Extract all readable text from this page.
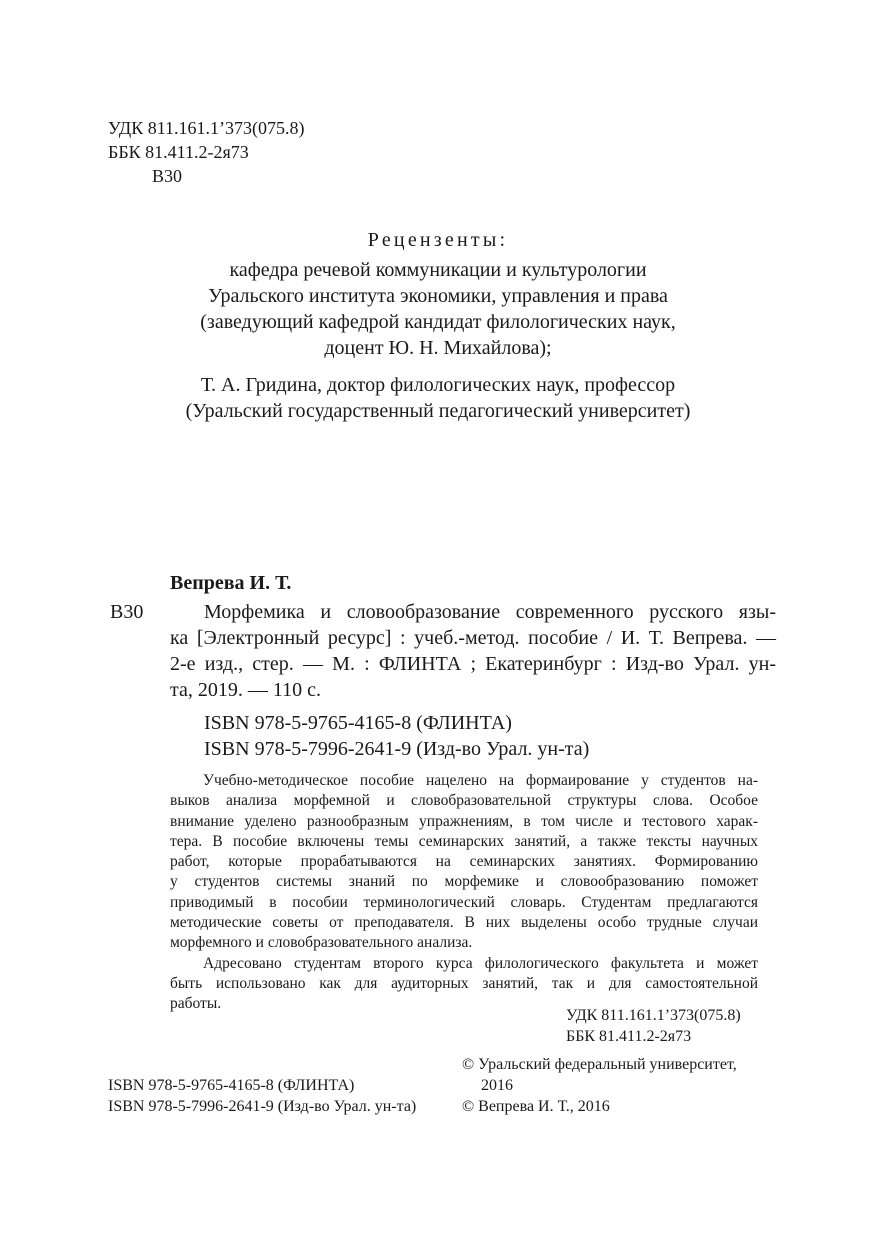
УДК 811.161.1’373(075.8)
ББК 81.411.2-2я73
В30
Рецензенты:
кафедра речевой коммуникации и культурологии
Уральского института экономики, управления и права
(заведующий кафедрой кандидат филологических наук,
доцент Ю. Н. Михайлова);
Т. А. Гридина, доктор филологических наук, профессор
(Уральский государственный педагогический университет)
Вепрева И. Т.
В30	Морфемика и словообразование современного русского язы-
ка [Электронный ресурс] : учеб.-метод. пособие / И. Т. Вепрева. —
2-е изд., стер. — М. : ФЛИНТА ; Екатеринбург : Изд-во Урал. ун-
та, 2019. — 110 с.
ISBN 978-5-9765-4165-8 (ФЛИНТА)
ISBN 978-5-7996-2641-9 (Изд-во Урал. ун-та)
Учебно-методическое пособие нацелено на формаирование у студентов на-
выков анализа морфемной и словобразовательной структуры слова. Особое
внимание уделено разнообразным упражнениям, в том числе и тестового харак-
тера. В пособие включены темы семинарских занятий, а также тексты научных
работ, которые прорабатываются на семинарских занятиях. Формированию
у студентов системы знаний по морфемике и словообразованию поможет
приводимый в пособии терминологический словарь. Студентам предлагаются
методические советы от преподавателя. В них выделены особо трудные случаи
морфемного и словобразовательного анализа.
Адресовано студентам второго курса филологического факультета и может
быть использовано как для аудиторных занятий, так и для самостоятельной
работы.
УДК 811.161.1’373(075.8)
ББК 81.411.2-2я73
ISBN 978-5-9765-4165-8 (ФЛИНТА)
ISBN 978-5-7996-2641-9 (Изд-во Урал. ун-та)
© Уральский федеральный университет,
2016
© Вепрева И. Т., 2016
